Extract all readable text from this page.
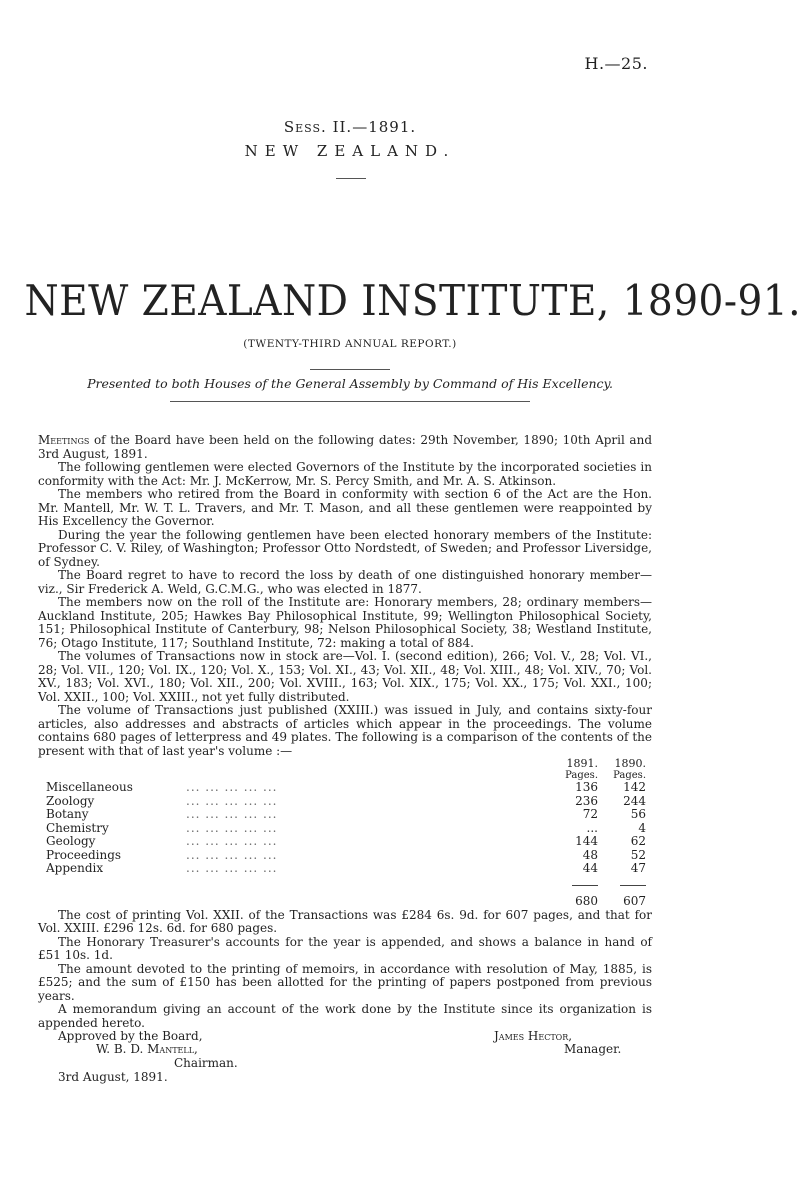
H.—25.
Sess. II.—1891.
NEW ZEALAND.
NEW ZEALAND INSTITUTE, 1890-91.
(TWENTY-THIRD ANNUAL REPORT.)
Presented to both Houses of the General Assembly by Command of His Excellency.

Meetings of the Board have been held on the following dates: 29th November, 1890; 10th April and 3rd August, 1891.

The following gentlemen were elected Governors of the Institute by the incorporated societies in conformity with the Act: Mr. J. McKerrow, Mr. S. Percy Smith, and Mr. A. S. Atkinson.

The members who retired from the Board in conformity with section 6 of the Act are the Hon. Mr. Mantell, Mr. W. T. L. Travers, and Mr. T. Mason, and all these gentlemen were reappointed by His Excellency the Governor.

During the year the following gentlemen have been elected honorary members of the Institute: Professor C. V. Riley, of Washington; Professor Otto Nordstedt, of Sweden; and Professor Liversidge, of Sydney.

The Board regret to have to record the loss by death of one distinguished honorary member—viz., Sir Frederick A. Weld, G.C.M.G., who was elected in 1877.

The members now on the roll of the Institute are: Honorary members, 28; ordinary members—Auckland Institute, 205; Hawkes Bay Philosophical Institute, 99; Wellington Philosophical Society, 151; Philosophical Institute of Canterbury, 98; Nelson Philosophical Society, 38; Westland Institute, 76; Otago Institute, 117; Southland Institute, 72: making a total of 884.

The volumes of Transactions now in stock are—Vol. I. (second edition), 266; Vol. V., 28; Vol. VI., 28; Vol. VII., 120; Vol. IX., 120; Vol. X., 153; Vol. XI., 43; Vol. XII., 48; Vol. XIII., 48; Vol. XIV., 70; Vol. XV., 183; Vol. XVI., 180; Vol. XII., 200; Vol. XVIII., 163; Vol. XIX., 175; Vol. XX., 175; Vol. XXI., 100; Vol. XXII., 100; Vol. XXIII., not yet fully distributed.

The volume of Transactions just published (XXIII.) was issued in July, and contains sixty-four articles, also addresses and abstracts of articles which appear in the proceedings. The volume contains 680 pages of letterpress and 49 plates. The following is a comparison of the contents of the present with that of last year's volume :—

		1891.	1890.
		Pages.	Pages.
Miscellaneous	... ... ... ... ...	136	142
Zoology	... ... ... ... ...	236	244
Botany	... ... ... ... ...	72	56
Chemistry	... ... ... ... ...	...	4
Geology	... ... ... ... ...	144	62
Proceedings	... ... ... ... ...	48	52
Appendix	... ... ... ... ...	44	47

		680	607

The cost of printing Vol. XXII. of the Transactions was £284 6s. 9d. for 607 pages, and that for Vol. XXIII. £296 12s. 6d. for 680 pages.

The Honorary Treasurer's accounts for the year is appended, and shows a balance in hand of £51 10s. 1d.

The amount devoted to the printing of memoirs, in accordance with resolution of May, 1885, is £525; and the sum of £150 has been allotted for the printing of papers postponed from previous years.

A memorandum giving an account of the work done by the Institute since its organization is appended hereto.

Approved by the Board,
W. B. D. Mantell,
Chairman.
James Hector,
Manager.
3rd August, 1891.
